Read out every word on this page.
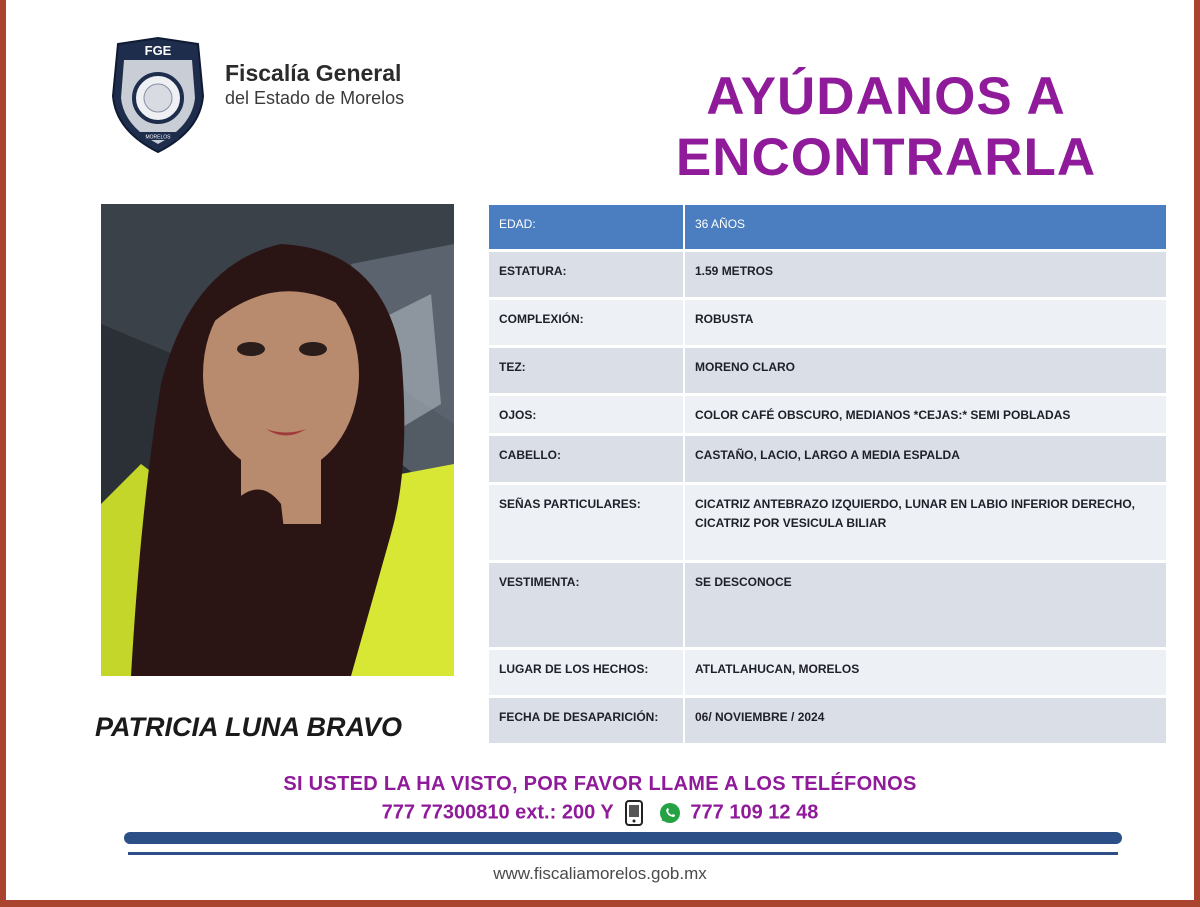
FGE
MORELOS
Fiscalía General
del Estado de Morelos	AYÚDANOS A
ENCONTRARLA
PATRICIA LUNA BRAVO
EDAD:	36 AÑOS
ESTATURA:	1.59 METROS
COMPLEXIÓN:	ROBUSTA
TEZ:	MORENO CLARO
OJOS:	COLOR CAFÉ OBSCURO, MEDIANOS *CEJAS:* SEMI POBLADAS
CABELLO:	CASTAÑO, LACIO, LARGO A MEDIA ESPALDA
SEÑAS PARTICULARES:	CICATRIZ ANTEBRAZO IZQUIERDO, LUNAR EN LABIO INFERIOR DERECHO, CICATRIZ POR VESICULA BILIAR
VESTIMENTA:	SE DESCONOCE
LUGAR DE LOS HECHOS:	ATLATLAHUCAN, MORELOS
FECHA DE DESAPARICIÓN:	06/ NOVIEMBRE / 2024
SI USTED LA HA VISTO, POR FAVOR LLAME A LOS TELÉFONOS
777 77300810 ext.: 200 Y	777 109 12 48
www.fiscaliamorelos.gob.mx
